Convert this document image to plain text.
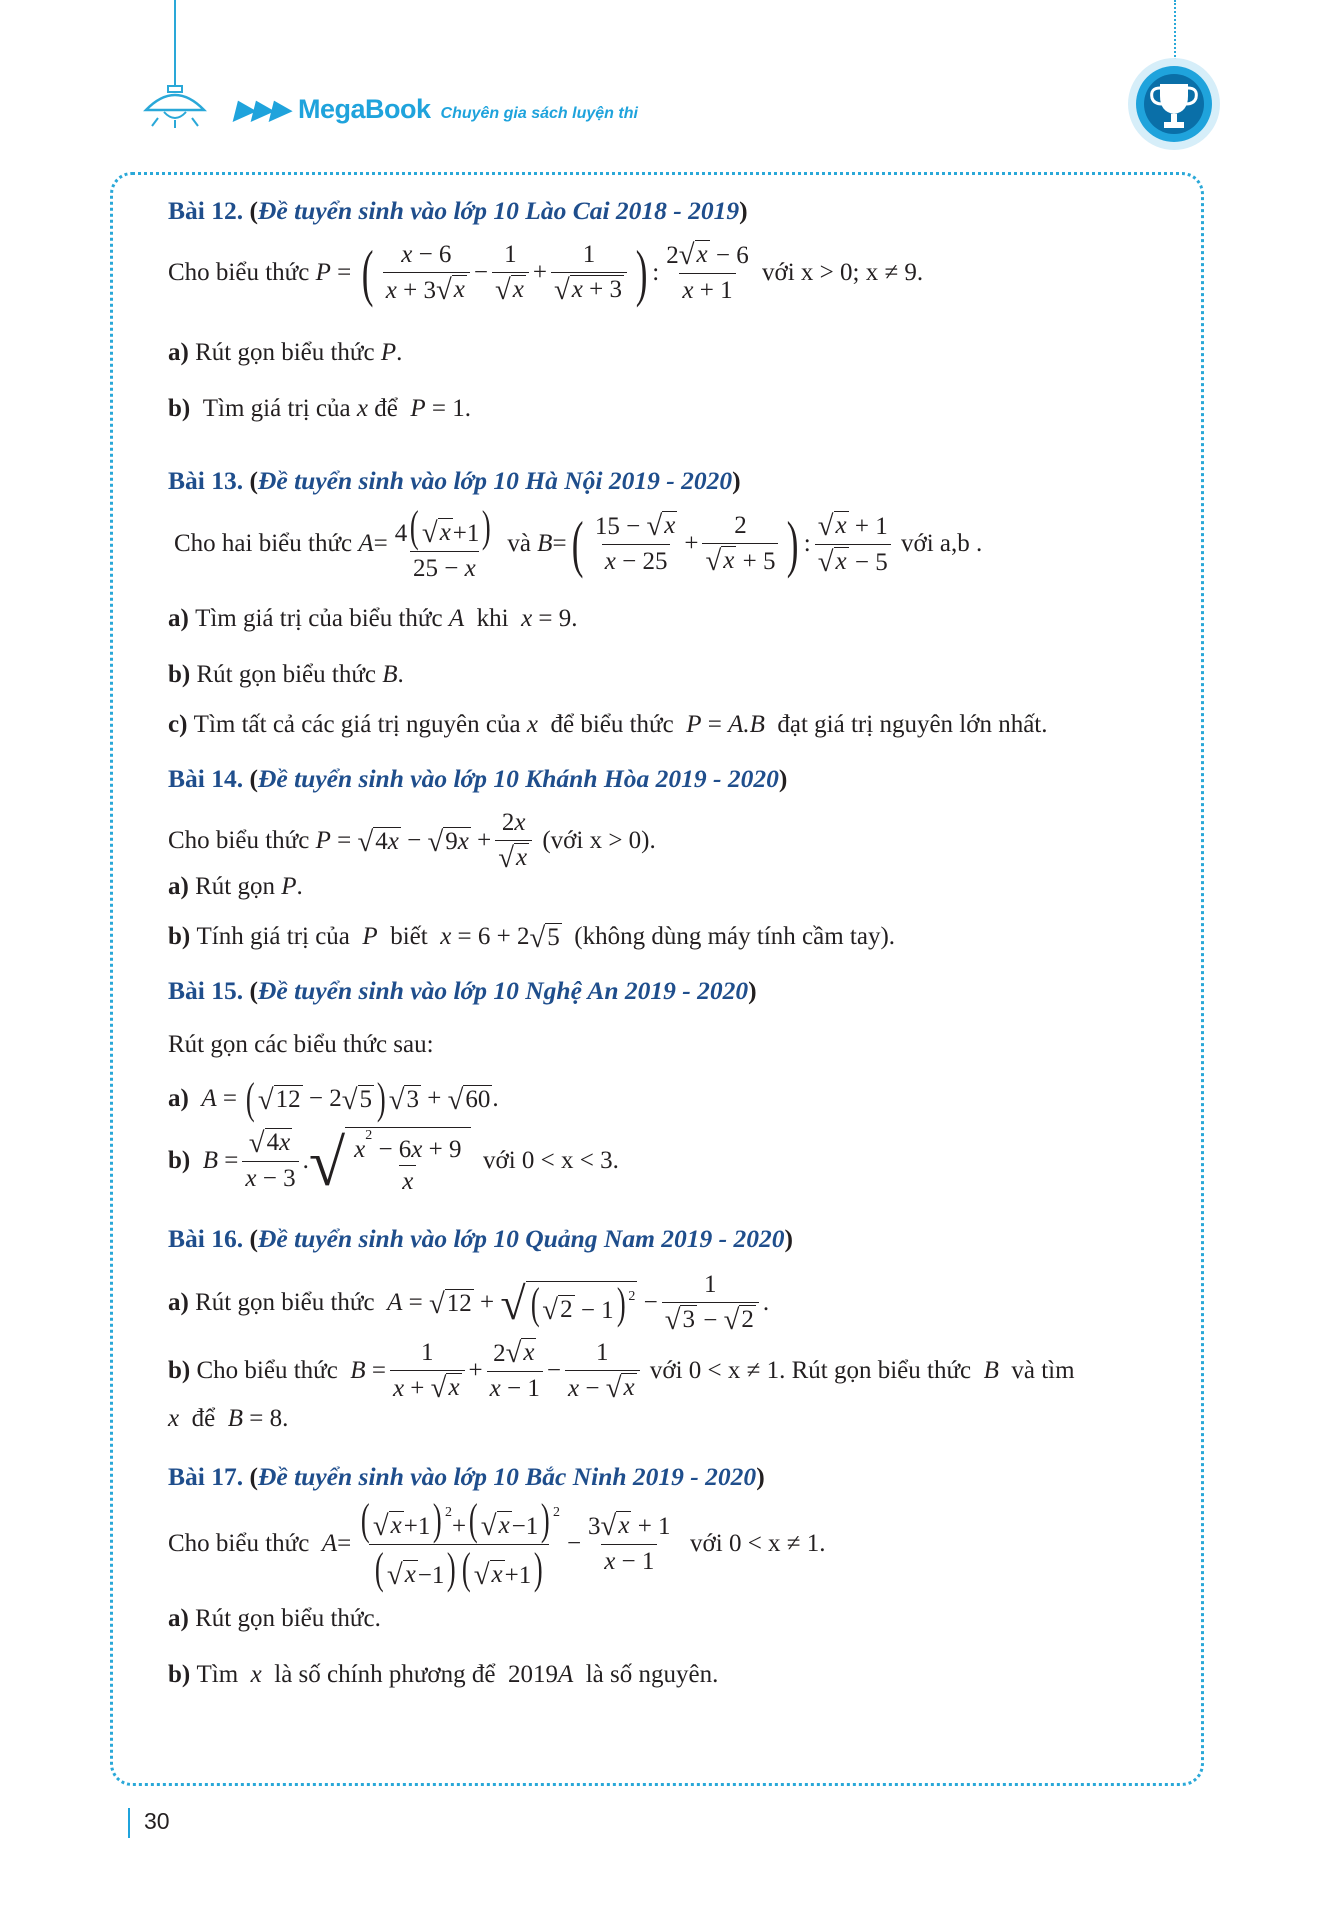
▶▶▶ MegaBook Chuyên gia sách luyện thi
Bài 12. ( Đề tuyển sinh vào lớp 10 Lào Cai 2018 - 2019 )
Cho biểu thức
P = ( $\frac{x - 6}{x + 3 √ x} - \frac{1}{√ x} + \frac{1}{√ x + 3}$ ) : $\frac{2 √ x - 6}{x + 1}$
với x > 0; x ≠ 9.
a)
Rút gọn biểu thức
P .
b)
Tìm giá trị của
x để P = 1.
Bài 13. ( Đề tuyển sinh vào lớp 10 Hà Nội 2019 - 2020 )
Cho hai biểu thức
$A = \frac{4( √ x +1)}{25 - x}$
và
B = ( $\frac{15 - √ x}{x - 25} + \frac{2}{√ x + 5}$ ) : $\frac{√ x + 1}{√ x - 5}$
với a,b .
a)
Tìm giá trị của biểu thức
A khi x = 9.
b)
Rút gọn biểu thức
B .
c)
Tìm tất cả các giá trị nguyên của
x
để biểu thức
P = A.B
đạt giá trị nguyên lớn nhất.
Bài 14. ( Đề tuyển sinh vào lớp 10 Khánh Hòa 2019 - 2020 )
Cho biểu thức
P = √ 4x − √ $9x + \frac{2x}{√ x}$
(với x > 0).
a)
Rút gọn
P .
b)
Tính giá trị của
P
biết
x = 6 + 2 √ 5
(không dùng máy tính cầm tay).
Bài 15. ( Đề tuyển sinh vào lớp 10 Nghệ An 2019 - 2020 )
Rút gọn các biểu thức sau:
a)
A = ( √ 12 − 2 √ 5 ) √ 3 + √ 60 .
b)
$B = \frac{√ 4x}{x - 3}$ . √ $\frac{x^2 - 6x + 9}{x}$
với 0 < x < 3.
Bài 16. ( Đề tuyển sinh vào lớp 10 Quảng Nam 2019 - 2020 )
a)
Rút gọn biểu thức
A = √ 12 + √ ( √ 2 − 1) $^2 - \frac{1}{√ 3 - √ 2}$ .
b)
Cho biểu thức
$B = \frac{1}{x + √ x} + \frac{2 √ x}{x - 1} - \frac{1}{x - √ x}$
với 0 < x ≠ 1. Rút gọn biểu thức
B
và tìm
x
để
B = 8.
Bài 17. ( Đề tuyển sinh vào lớp 10 Bắc Ninh 2019 - 2020 )
Cho biểu thức
$A = \frac{( √ x +1) ^2+( √ x -1) ^2}{( √ x -1) ( √ x +1)} - \frac{3 √ x + 1}{x - 1}$
với 0 < x ≠ 1.
a)
Rút gọn biểu thức.
b)
Tìm
x
là số chính phương để 2019 A
là số nguyên.
30
